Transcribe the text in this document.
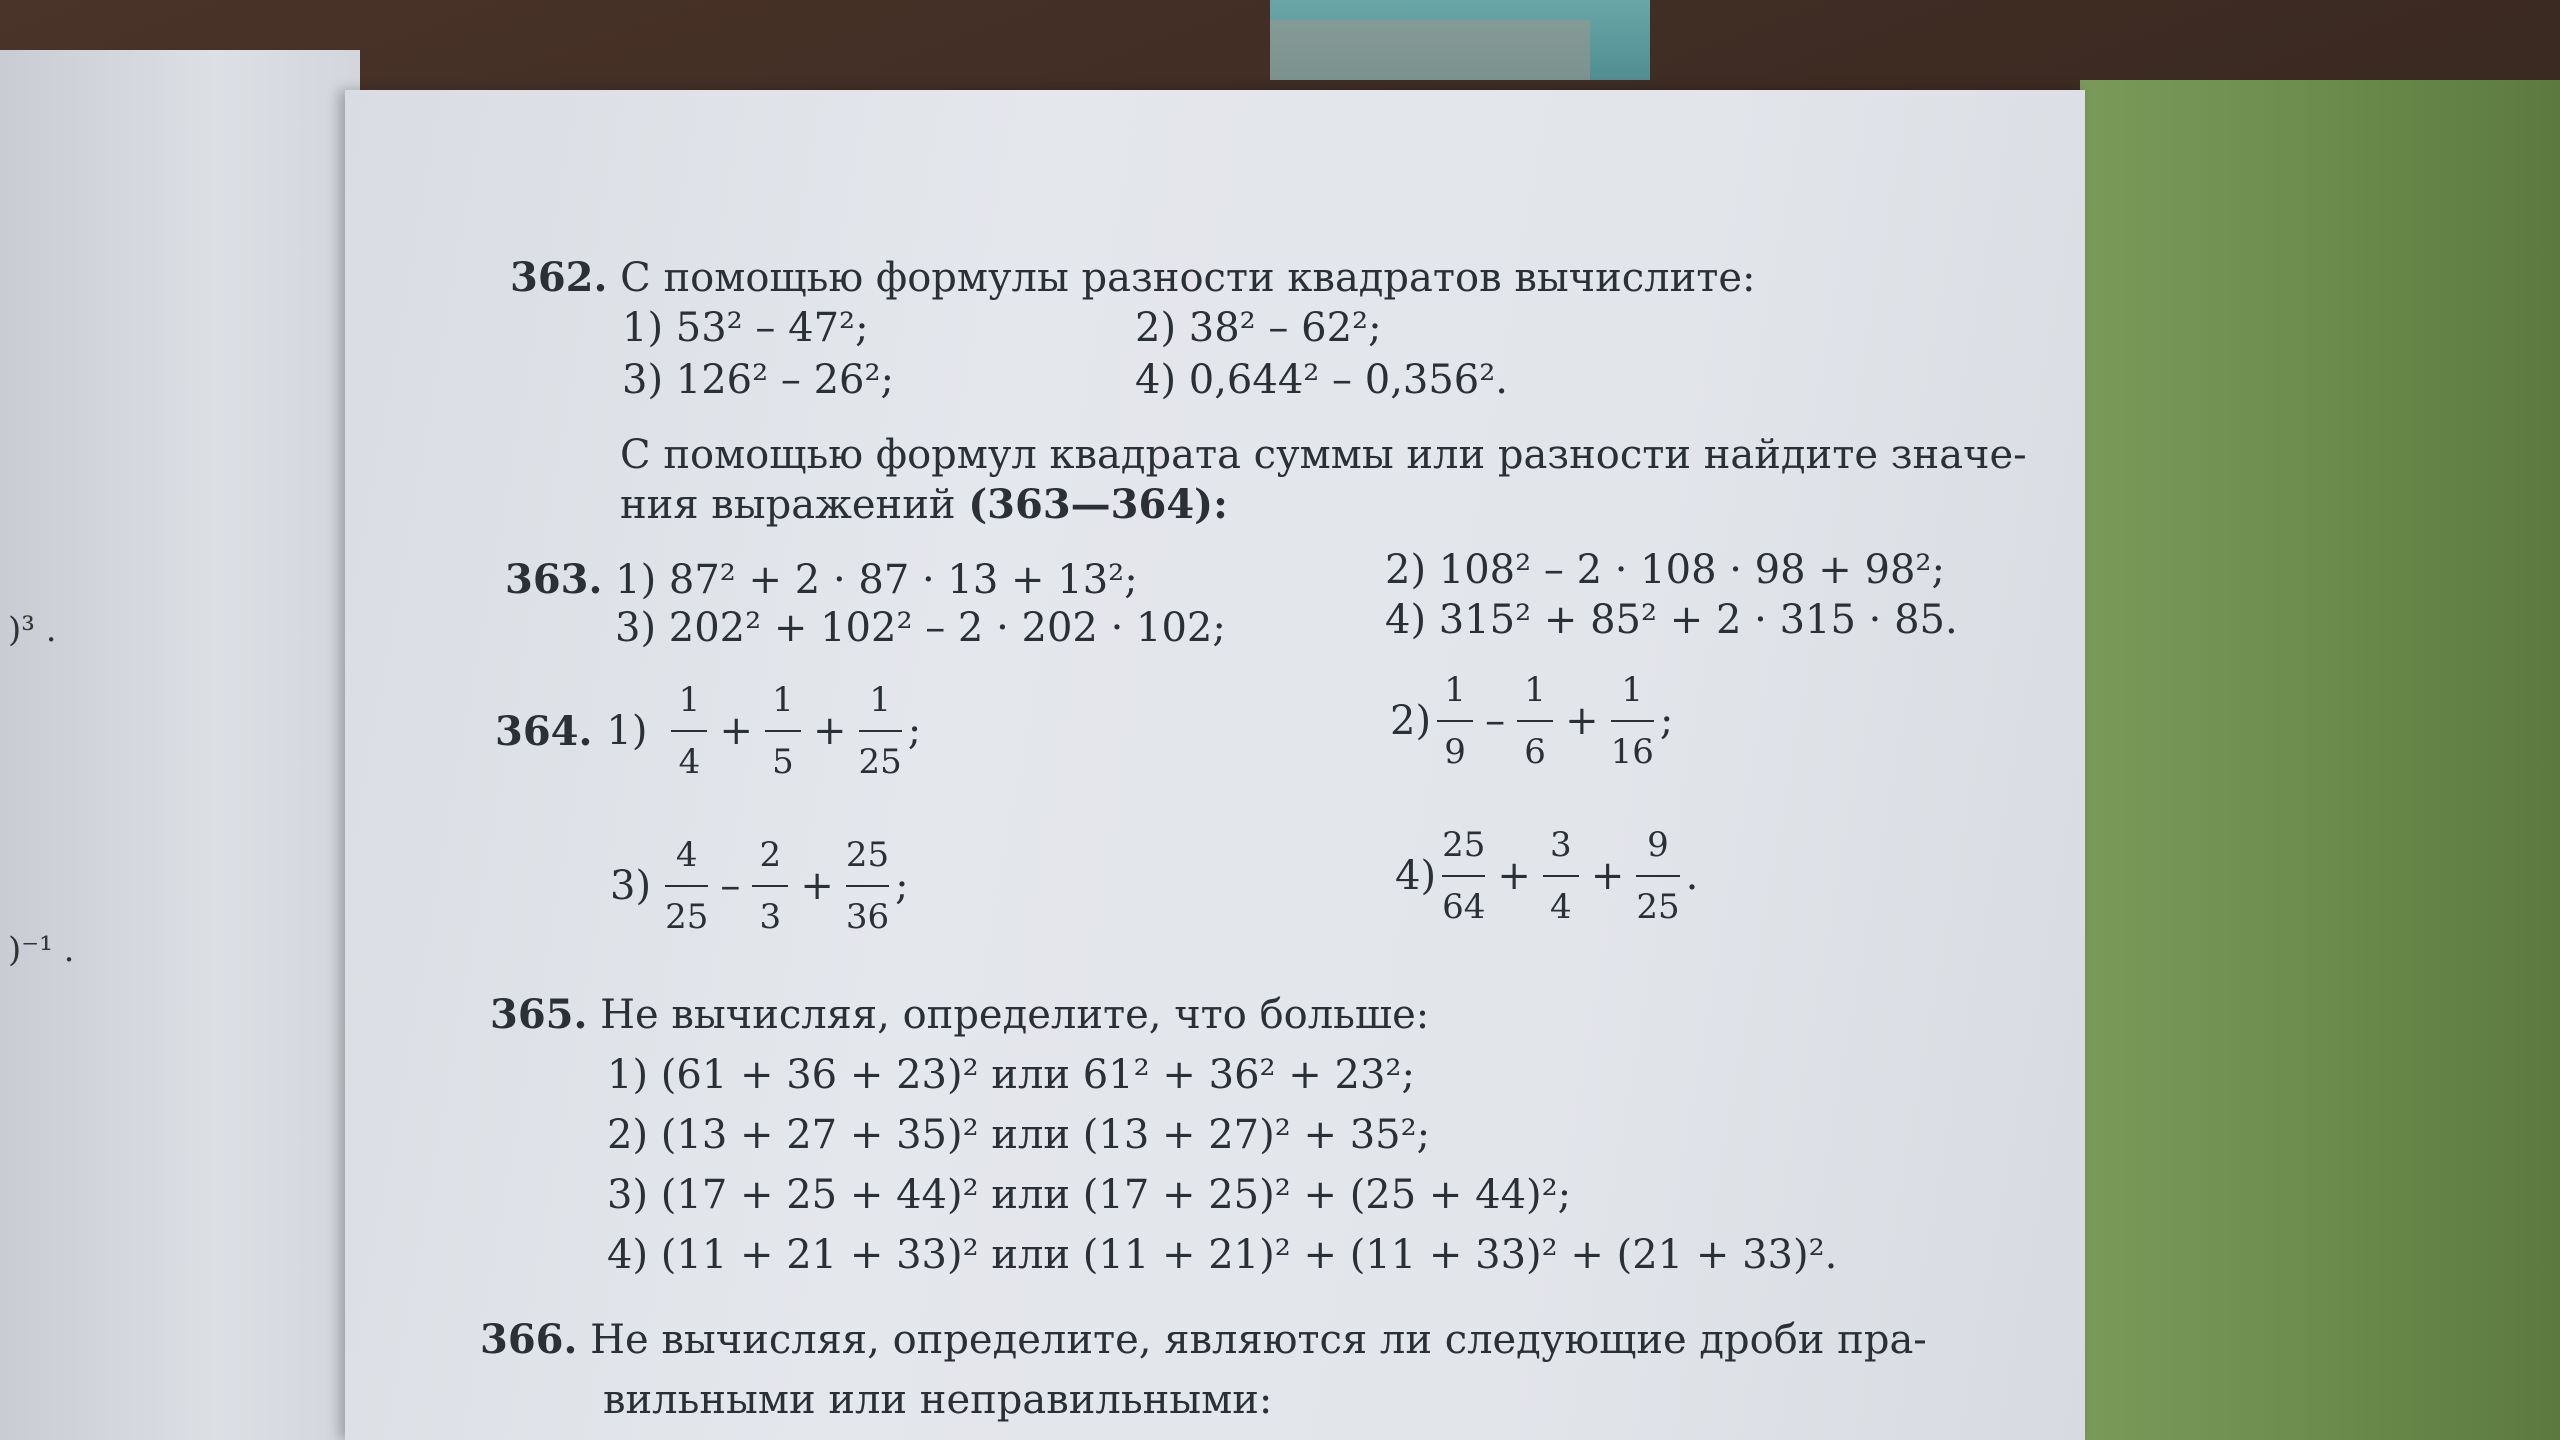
)³ .
)⁻¹ .
362. С помощью формулы разности квадратов вычислите:
1) 53² – 47²;	2) 38² – 62²;
3) 126² – 26²;	4) 0,644² – 0,356².
С помощью формул квадрата суммы или разности найдите значе-
ния выражений (363—364):
363. 1) 87² + 2 · 87 · 13 + 13²;	2) 108² – 2 · 108 · 98 + 98²;
3) 202² + 102² – 2 · 202 · 102;	4) 315² + 85² + 2 · 315 · 85.
364. $1) \frac{1}{4} + \frac{1}{5} + \frac{1}{25}$ ;	$2) \frac{1}{9} - \frac{1}{6} + \frac{1}{16}$ ;
$3) \frac{4}{25} - \frac{2}{3} + \frac{25}{36}$ ;	$4) \frac{25}{64} + \frac{3}{4} + \frac{9}{25}$ .
365. Не вычисляя, определите, что больше:
1) (61 + 36 + 23)² или 61² + 36² + 23²;
2) (13 + 27 + 35)² или (13 + 27)² + 35²;
3) (17 + 25 + 44)² или (17 + 25)² + (25 + 44)²;
4) (11 + 21 + 33)² или (11 + 21)² + (11 + 33)² + (21 + 33)².
366. Не вычисляя, определите, являются ли следующие дроби пра-
вильными или неправильными:
